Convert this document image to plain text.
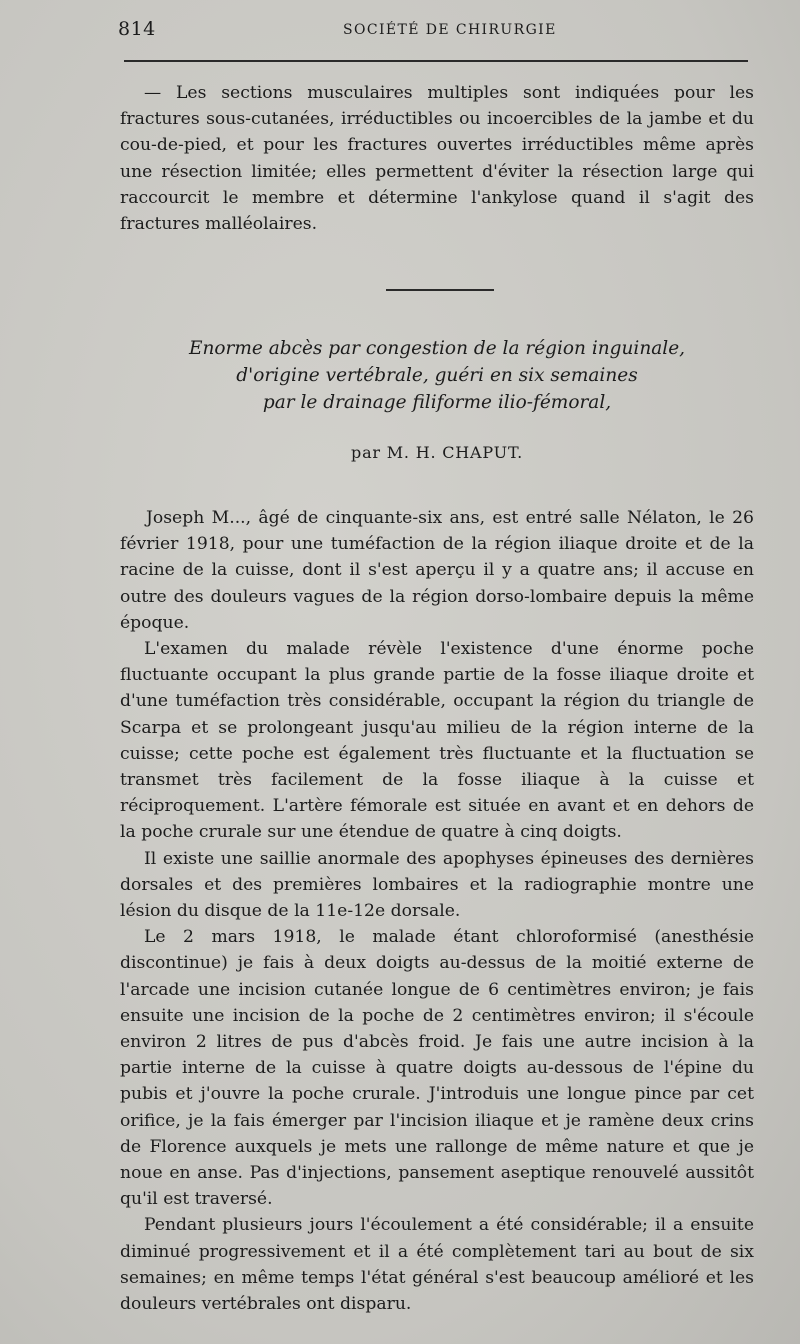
814	SOCIÉTÉ DE CHIRURGIE

— Les sections musculaires multiples sont indiquées pour les fractures sous-cutanées, irréductibles ou incoercibles de la jambe et du cou-de-pied, et pour les fractures ouvertes irréductibles même après une résection limitée; elles permettent d'éviter la résection large qui raccourcit le membre et détermine l'ankylose quand il s'agit des fractures malléolaires.

Enorme abcès par congestion de la région inguinale,
d'origine vertébrale, guéri en six semaines
par le drainage filiforme ilio-fémoral,
par M. H. CHAPUT.

Joseph M..., âgé de cinquante-six ans, est entré salle Nélaton, le 26 février 1918, pour une tuméfaction de la région iliaque droite et de la racine de la cuisse, dont il s'est aperçu il y a quatre ans; il accuse en outre des douleurs vagues de la région dorso-lombaire depuis la même époque.

L'examen du malade révèle l'existence d'une énorme poche fluctuante occupant la plus grande partie de la fosse iliaque droite et d'une tuméfaction très considérable, occupant la région du triangle de Scarpa et se prolongeant jusqu'au milieu de la région interne de la cuisse; cette poche est également très fluctuante et la fluctuation se transmet très facilement de la fosse iliaque à la cuisse et réciproquement. L'artère fémorale est située en avant et en dehors de la poche crurale sur une étendue de quatre à cinq doigts.

Il existe une saillie anormale des apophyses épineuses des dernières dorsales et des premières lombaires et la radiographie montre une lésion du disque de la 11e-12e dorsale.

Le 2 mars 1918, le malade étant chloroformisé (anesthésie discontinue) je fais à deux doigts au-dessus de la moitié externe de l'arcade une incision cutanée longue de 6 centimètres environ; je fais ensuite une incision de la poche de 2 centimètres environ; il s'écoule environ 2 litres de pus d'abcès froid. Je fais une autre incision à la partie interne de la cuisse à quatre doigts au-dessous de l'épine du pubis et j'ouvre la poche crurale. J'introduis une longue pince par cet orifice, je la fais émerger par l'incision iliaque et je ramène deux crins de Florence auxquels je mets une rallonge de même nature et que je noue en anse. Pas d'injections, pansement aseptique renouvelé aussitôt qu'il est traversé.

Pendant plusieurs jours l'écoulement a été considérable; il a ensuite diminué progressivement et il a été complètement tari au bout de six semaines; en même temps l'état général s'est beaucoup amélioré et les douleurs vertébrales ont disparu.
